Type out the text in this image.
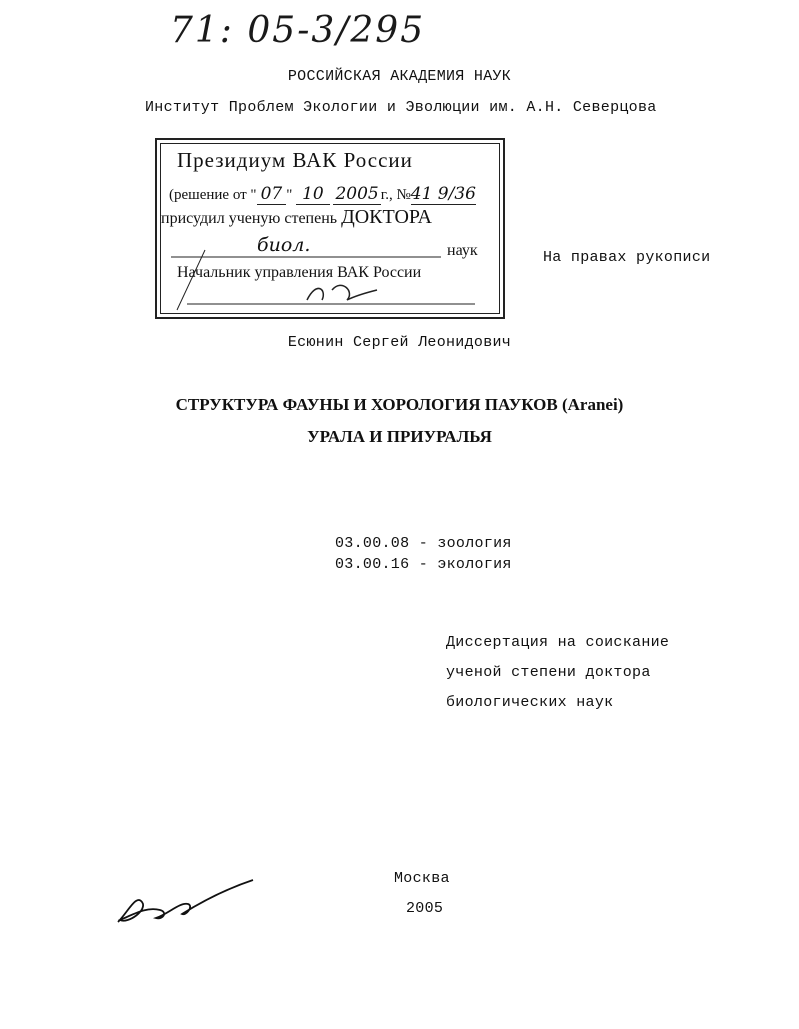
71: 05-3/295
РОССИЙСКАЯ АКАДЕМИЯ НАУК
Институт Проблем Экологии и Эволюции им. А.Н. Северцова
Президиум ВАК России
(решение от " 07 " 10 2005 г., №41 9/36
присудил ученую степень ДОКТОРА
биол.	наук
Начальник управления ВАК России
На правах рукописи
Есюнин Сергей Леонидович
СТРУКТУРА ФАУНЫ И ХОРОЛОГИЯ ПАУКОВ (Aranei)
УРАЛА И ПРИУРАЛЬЯ
03.00.08 - зоология
03.00.16 - экология
Диссертация на соискание
ученой степени доктора
биологических наук
Москва
2005
